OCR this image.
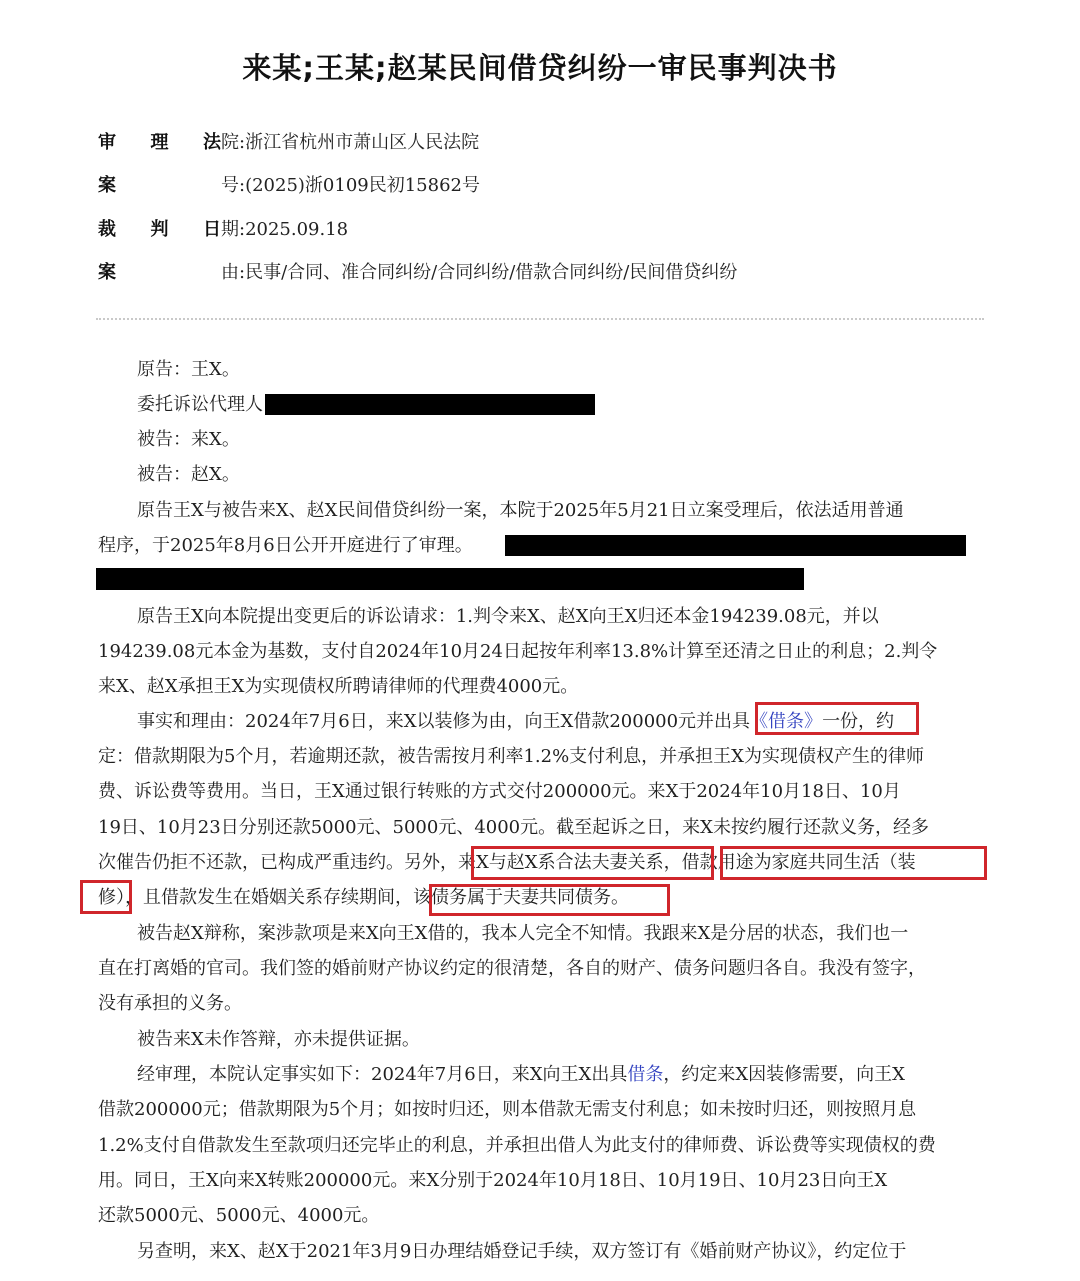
来某;王某;赵某民间借贷纠纷一审民事判决书
审理法院:浙江省杭州市萧山区人民法院
案	号:(2025)浙0109民初15862号
裁判日期:2025.09.18
案	由:民事/合同、准合同纠纷/合同纠纷/借款合同纠纷/民间借贷纠纷
原告：王X。
委托诉讼代理人
被告：来X。
被告：赵X。
原告王X与被告来X、赵X民间借贷纠纷一案，本院于2025年5月21日立案受理后，依法适用普通
程序，于2025年8月6日公开开庭进行了审理。
原告王X向本院提出变更后的诉讼请求：1.判令来X、赵X向王X归还本金194239.08元，并以
194239.08元本金为基数，支付自2024年10月24日起按年利率13.8%计算至还清之日止的利息；2.判令
来X、赵X承担王X为实现债权所聘请律师的代理费4000元。
事实和理由：2024年7月6日，来X以装修为由，向王X借款200000元并出具《借条》一份，约
定：借款期限为5个月，若逾期还款，被告需按月利率1.2%支付利息，并承担王X为实现债权产生的律师
费、诉讼费等费用。当日，王X通过银行转账的方式交付200000元。来X于2024年10月18日、10月
19日、10月23日分别还款5000元、5000元、4000元。截至起诉之日，来X未按约履行还款义务，经多
次催告仍拒不还款，已构成严重违约。另外，来X与赵X系合法夫妻关系，借款用途为家庭共同生活（装
修），且借款发生在婚姻关系存续期间，该债务属于夫妻共同债务。
被告赵X辩称，案涉款项是来X向王X借的，我本人完全不知情。我跟来X是分居的状态，我们也一
直在打离婚的官司。我们签的婚前财产协议约定的很清楚，各自的财产、债务问题归各自。我没有签字，
没有承担的义务。
被告来X未作答辩，亦未提供证据。
经审理，本院认定事实如下：2024年7月6日，来X向王X出具借条，约定来X因装修需要，向王X
借款200000元；借款期限为5个月；如按时归还，则本借款无需支付利息；如未按时归还，则按照月息
1.2%支付自借款发生至款项归还完毕止的利息，并承担出借人为此支付的律师费、诉讼费等实现债权的费
用。同日，王X向来X转账200000元。来X分别于2024年10月18日、10月19日、10月23日向王X
还款5000元、5000元、4000元。
另查明，来X、赵X于2021年3月9日办理结婚登记手续，双方签订有《婚前财产协议》，约定位于
